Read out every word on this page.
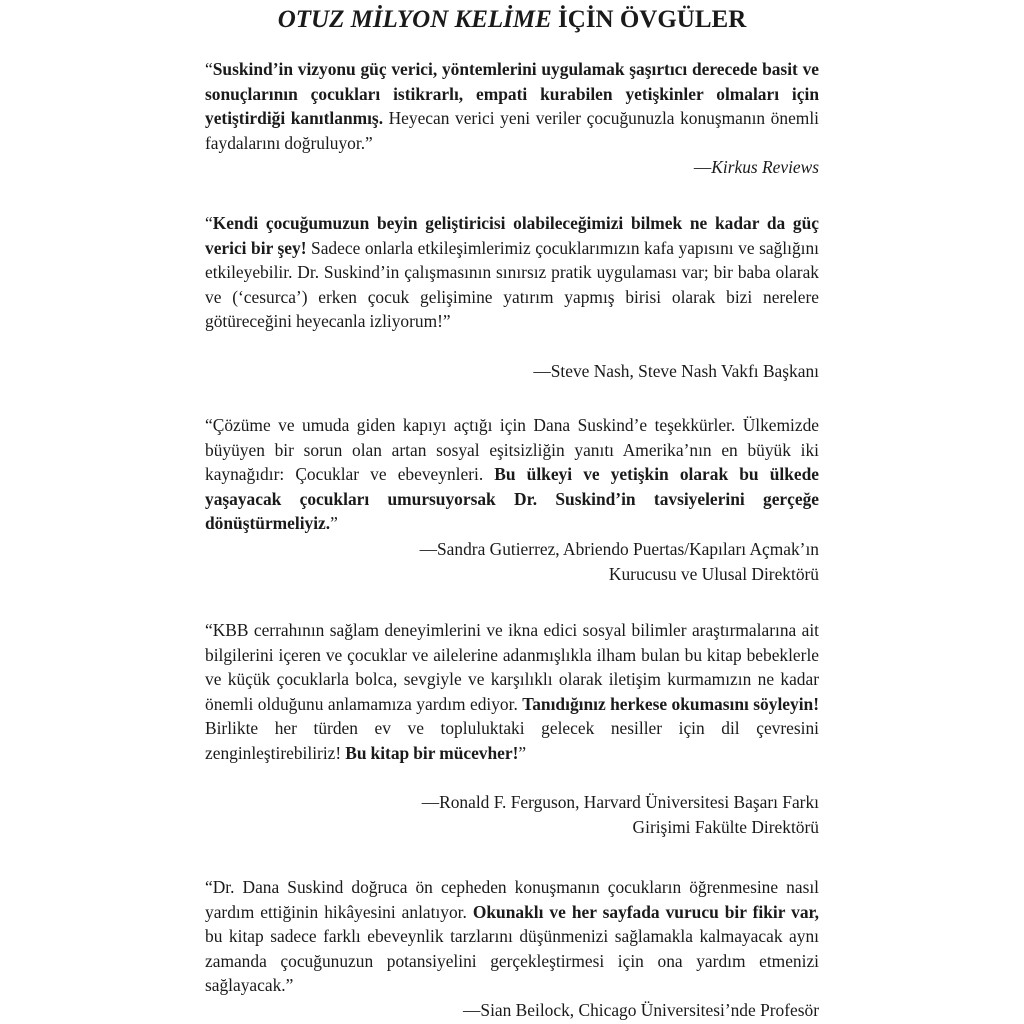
OTUZ MİLYON KELİME İÇİN ÖVGÜLER
“Suskind’in vizyonu güç verici, yöntemlerini uygulamak şaşırtıcı derecede basit ve sonuçlarının çocukları istikrarlı, empati kurabilen yetişkinler olmaları için yetiştirdiği kanıtlanmış. Heyecan verici yeni veriler çocuğunuzla konuşmanın önemli faydalarını doğruluyor.”
—Kirkus Reviews
“Kendi çocuğumuzun beyin geliştiricisi olabileceğimizi bilmek ne kadar da güç verici bir şey! Sadece onlarla etkileşimlerimiz çocuklarımızın kafa yapısını ve sağlığını etkileyebilir. Dr. Suskind’in çalışmasının sınırsız pratik uygulaması var; bir baba olarak ve (‘cesurca’) erken çocuk gelişimine yatırım yapmış birisi olarak bizi nerelere götüreceğini heyecanla izliyorum!”
—Steve Nash, Steve Nash Vakfı Başkanı
“Çözüme ve umuda giden kapıyı açtığı için Dana Suskind’e teşekkürler. Ülkemizde büyüyen bir sorun olan artan sosyal eşitsizliğin yanıtı Amerika’nın en büyük iki kaynağıdır: Çocuklar ve ebeveynleri. Bu ülkeyi ve yetişkin olarak bu ülkede yaşayacak çocukları umursuyorsak Dr. Suskind’in tavsiyelerini gerçeğe dönüştürmeliyiz.”
—Sandra Gutierrez, Abriendo Puertas/Kapıları Açmak’ın
Kurucusu ve Ulusal Direktörü
“KBB cerrahının sağlam deneyimlerini ve ikna edici sosyal bilimler araştırmalarına ait bilgilerini içeren ve çocuklar ve ailelerine adanmışlıkla ilham bulan bu kitap bebeklerle ve küçük çocuklarla bolca, sevgiyle ve karşılıklı olarak iletişim kurmamızın ne kadar önemli olduğunu anlamamıza yardım ediyor. Tanıdığınız herkese okumasını söyleyin! Birlikte her türden ev ve topluluktaki gelecek nesiller için dil çevresini zenginleştirebiliriz! Bu kitap bir mücevher!”
—Ronald F. Ferguson, Harvard Üniversitesi Başarı Farkı
Girişimi Fakülte Direktörü
“Dr. Dana Suskind doğruca ön cepheden konuşmanın çocukların öğrenmesine nasıl yardım ettiğinin hikâyesini anlatıyor. Okunaklı ve her sayfada vurucu bir fikir var, bu kitap sadece farklı ebeveynlik tarzlarını düşünmenizi sağlamakla kalmayacak aynı zamanda çocuğunuzun potansiyelini gerçekleştirmesi için ona yardım etmenizi sağlayacak.”
—Sian Beilock, Chicago Üniversitesi’nde Profesör
